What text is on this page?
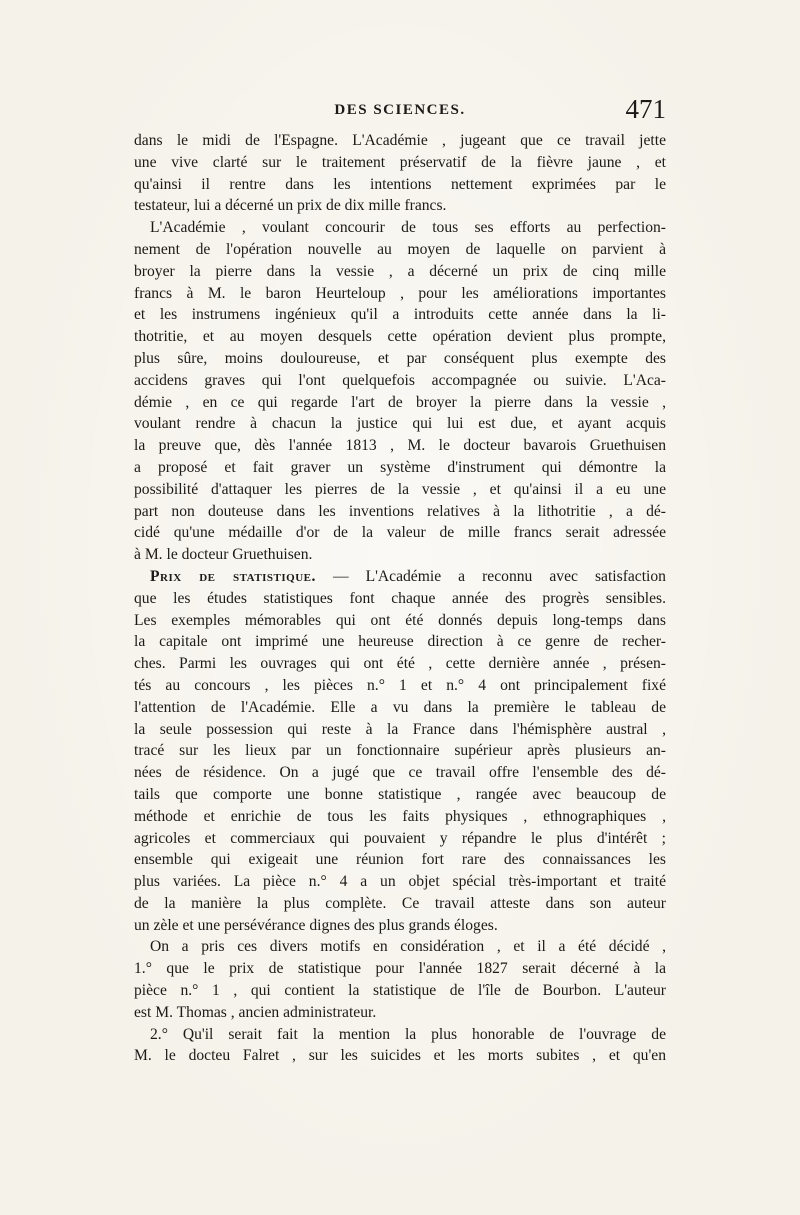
DES SCIENCES.	471

dans le midi de l'Espagne. L'Académie , jugeant que ce travail jette
une vive clarté sur le traitement préservatif de la fièvre jaune , et
qu'ainsi il rentre dans les intentions nettement exprimées par le
testateur, lui a décerné un prix de dix mille francs.

L'Académie , voulant concourir de tous ses efforts au perfection-
nement de l'opération nouvelle au moyen de laquelle on parvient à
broyer la pierre dans la vessie , a décerné un prix de cinq mille
francs à M. le baron Heurteloup , pour les améliorations importantes
et les instrumens ingénieux qu'il a introduits cette année dans la li-
thotritie, et au moyen desquels cette opération devient plus prompte,
plus sûre, moins douloureuse, et par conséquent plus exempte des
accidens graves qui l'ont quelquefois accompagnée ou suivie. L'Aca-
démie , en ce qui regarde l'art de broyer la pierre dans la vessie ,
voulant rendre à chacun la justice qui lui est due, et ayant acquis
la preuve que, dès l'année 1813 , M. le docteur bavarois Gruethuisen
a proposé et fait graver un système d'instrument qui démontre la
possibilité d'attaquer les pierres de la vessie , et qu'ainsi il a eu une
part non douteuse dans les inventions relatives à la lithotritie , a dé-
cidé qu'une médaille d'or de la valeur de mille francs serait adressée
à M. le docteur Gruethuisen.

Prix de statistique. — L'Académie a reconnu avec satisfaction
que les études statistiques font chaque année des progrès sensibles.
Les exemples mémorables qui ont été donnés depuis long-temps dans
la capitale ont imprimé une heureuse direction à ce genre de recher-
ches. Parmi les ouvrages qui ont été , cette dernière année , présen-
tés au concours , les pièces n.° 1 et n.° 4 ont principalement fixé
l'attention de l'Académie. Elle a vu dans la première le tableau de
la seule possession qui reste à la France dans l'hémisphère austral ,
tracé sur les lieux par un fonctionnaire supérieur après plusieurs an-
nées de résidence. On a jugé que ce travail offre l'ensemble des dé-
tails que comporte une bonne statistique , rangée avec beaucoup de
méthode et enrichie de tous les faits physiques , ethnographiques ,
agricoles et commerciaux qui pouvaient y répandre le plus d'intérêt ;
ensemble qui exigeait une réunion fort rare des connaissances les
plus variées. La pièce n.° 4 a un objet spécial très-important et traité
de la manière la plus complète. Ce travail atteste dans son auteur
un zèle et une persévérance dignes des plus grands éloges.

On a pris ces divers motifs en considération , et il a été décidé ,
1.° que le prix de statistique pour l'année 1827 serait décerné à la
pièce n.° 1 , qui contient la statistique de l'île de Bourbon. L'auteur
est M. Thomas , ancien administrateur.

2.° Qu'il serait fait la mention la plus honorable de l'ouvrage de
M. le docteu Falret , sur les suicides et les morts subites , et qu'en
